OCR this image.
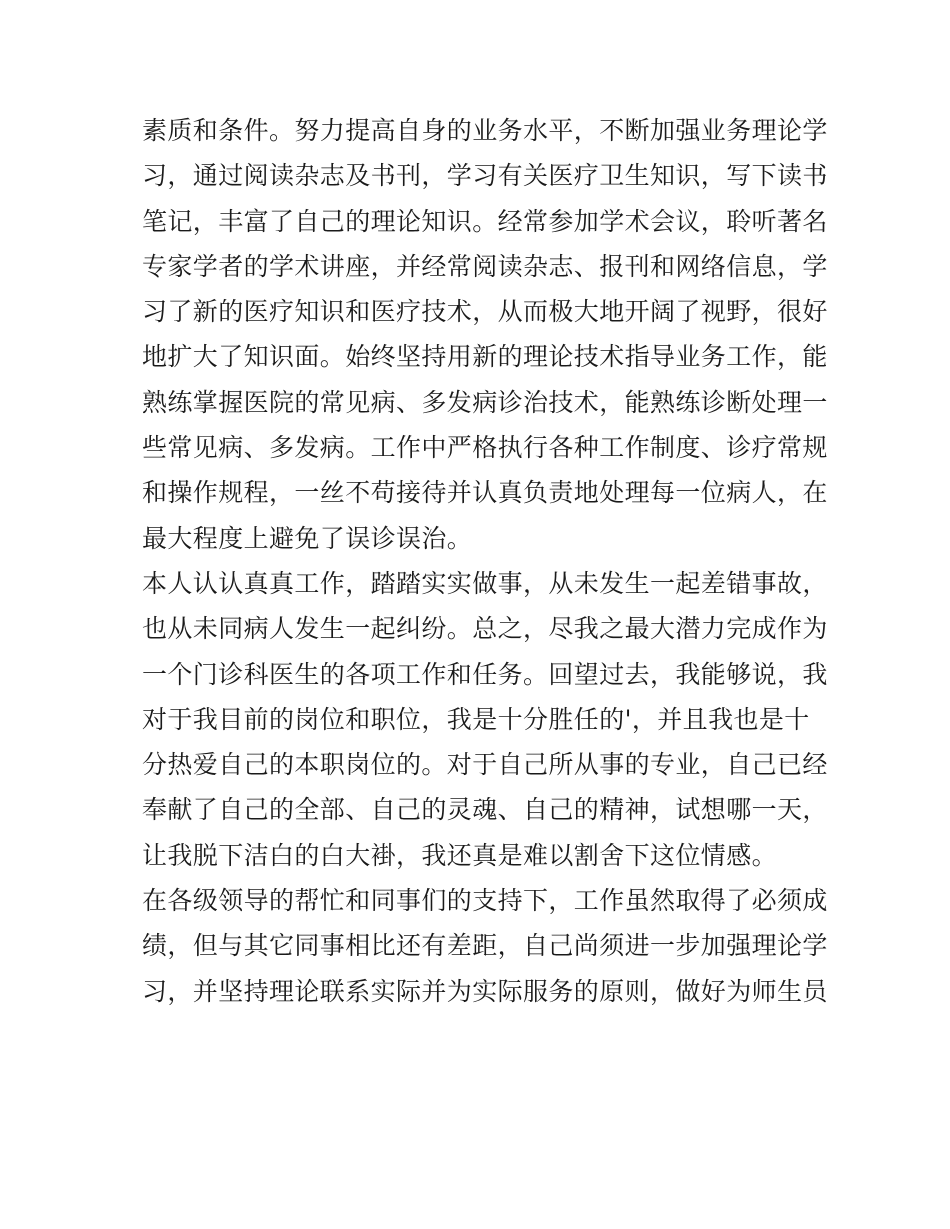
素质和条件。努力提高自身的业务水平，不断加强业务理论学
习，通过阅读杂志及书刊，学习有关医疗卫生知识，写下读书
笔记，丰富了自己的理论知识。经常参加学术会议，聆听著名
专家学者的学术讲座，并经常阅读杂志、报刊和网络信息，学
习了新的医疗知识和医疗技术，从而极大地开阔了视野，很好
地扩大了知识面。始终坚持用新的理论技术指导业务工作，能
熟练掌握医院的常见病、多发病诊治技术，能熟练诊断处理一
些常见病、多发病。工作中严格执行各种工作制度、诊疗常规
和操作规程，一丝不苟接待并认真负责地处理每一位病人，在
最大程度上避免了误诊误治。
本人认认真真工作，踏踏实实做事，从未发生一起差错事故，
也从未同病人发生一起纠纷。总之，尽我之最大潜力完成作为
一个门诊科医生的各项工作和任务。回望过去，我能够说，我
对于我目前的岗位和职位，我是十分胜任的'，并且我也是十
分热爱自己的本职岗位的。对于自己所从事的专业，自己已经
奉献了自己的全部、自己的灵魂、自己的精神，试想哪一天，
让我脱下洁白的白大褂，我还真是难以割舍下这位情感。
在各级领导的帮忙和同事们的支持下，工作虽然取得了必须成
绩，但与其它同事相比还有差距，自己尚须进一步加强理论学
习，并坚持理论联系实际并为实际服务的原则，做好为师生员
